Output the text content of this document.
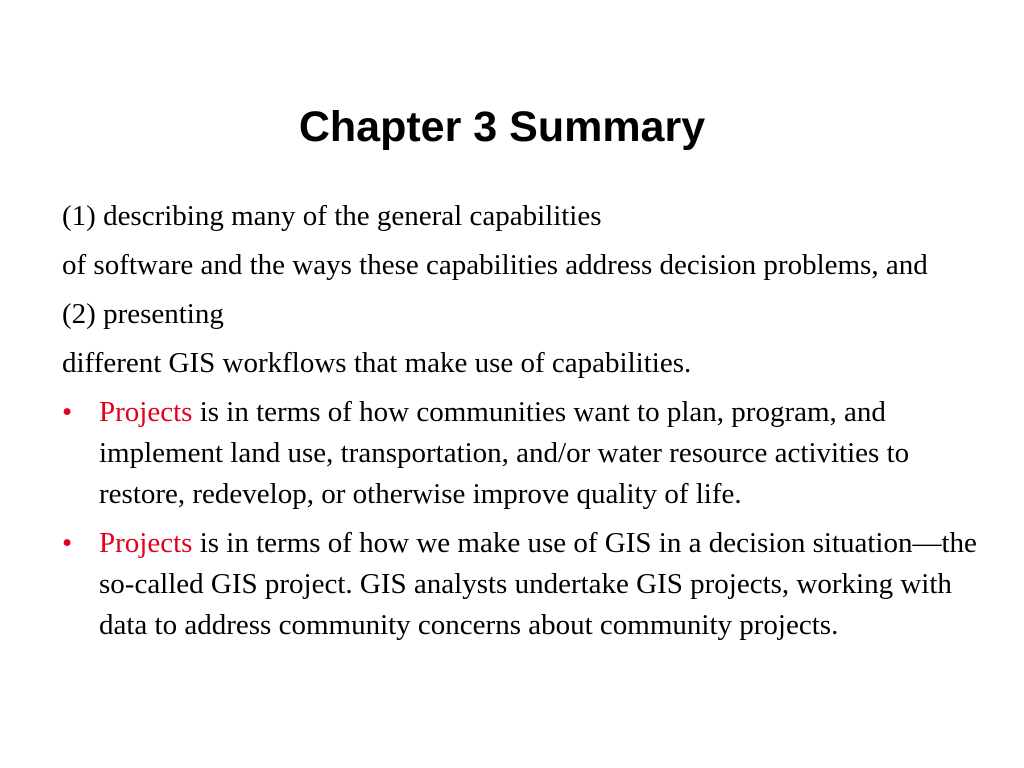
Chapter 3 Summary

(1) describing many of the general capabilities

of software and the ways these capabilities address decision problems, and

(2) presenting

different GIS workflows that make use of capabilities.

• Projects is in terms of how communities want to plan, program, and implement land use, transportation, and/or water resource activities to restore, redevelop, or otherwise improve quality of life.
• Projects is in terms of how we make use of GIS in a decision situation—the so-called GIS project. GIS analysts undertake GIS projects, working with data to address community concerns about community projects.
